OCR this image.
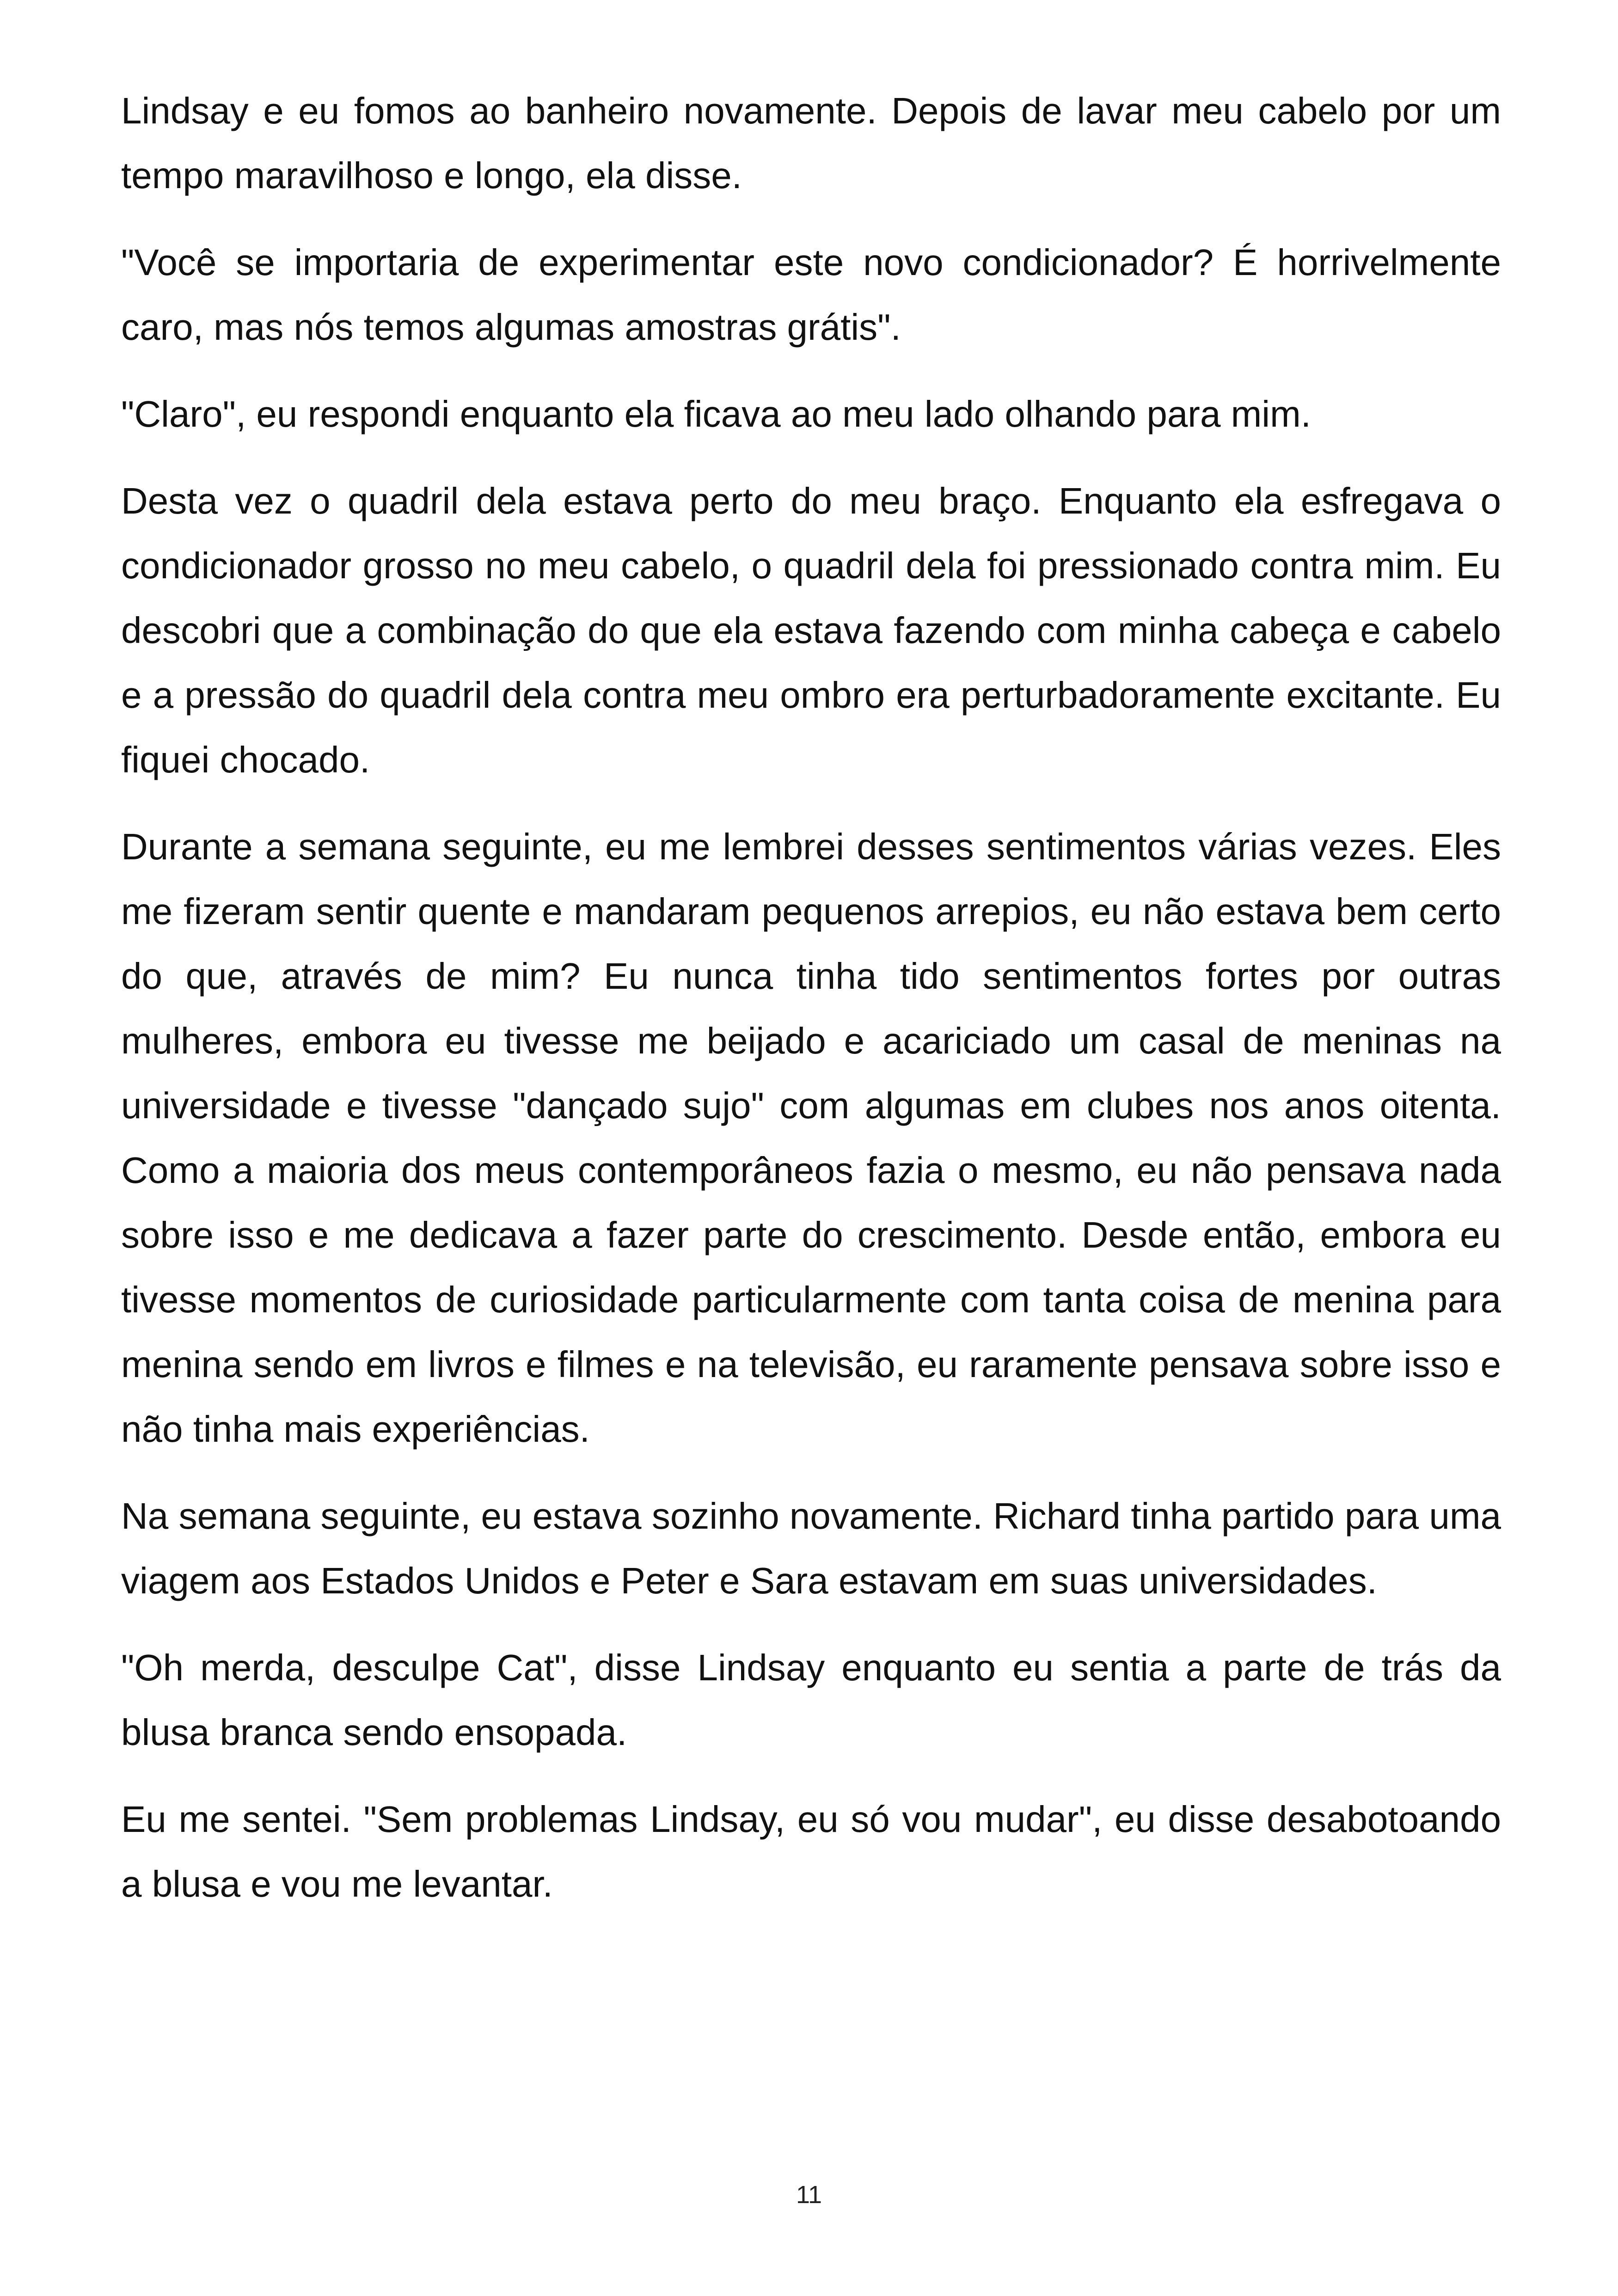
Lindsay e eu fomos ao banheiro novamente. Depois de lavar meu cabelo por um tempo maravilhoso e longo, ela disse.

"Você se importaria de experimentar este novo condicionador? É horrivelmente caro, mas nós temos algumas amostras grátis".

"Claro", eu respondi enquanto ela ficava ao meu lado olhando para mim.

Desta vez o quadril dela estava perto do meu braço. Enquanto ela esfregava o condicionador grosso no meu cabelo, o quadril dela foi pressionado contra mim. Eu descobri que a combinação do que ela estava fazendo com minha cabeça e cabelo e a pressão do quadril dela contra meu ombro era perturbadoramente excitante. Eu fiquei chocado.

Durante a semana seguinte, eu me lembrei desses sentimentos várias vezes. Eles me fizeram sentir quente e mandaram pequenos arrepios, eu não estava bem certo do que, através de mim? Eu nunca tinha tido sentimentos fortes por outras mulheres, embora eu tivesse me beijado e acariciado um casal de meninas na universidade e tivesse "dançado sujo" com algumas em clubes nos anos oitenta. Como a maioria dos meus contemporâneos fazia o mesmo, eu não pensava nada sobre isso e me dedicava a fazer parte do crescimento. Desde então, embora eu tivesse momentos de curiosidade particularmente com tanta coisa de menina para menina sendo em livros e filmes e na televisão, eu raramente pensava sobre isso e não tinha mais experiências.

Na semana seguinte, eu estava sozinho novamente. Richard tinha partido para uma viagem aos Estados Unidos e Peter e Sara estavam em suas universidades.

"Oh merda, desculpe Cat", disse Lindsay enquanto eu sentia a parte de trás da blusa branca sendo ensopada.

Eu me sentei. "Sem problemas Lindsay, eu só vou mudar", eu disse desabotoando a blusa e vou me levantar.

11
